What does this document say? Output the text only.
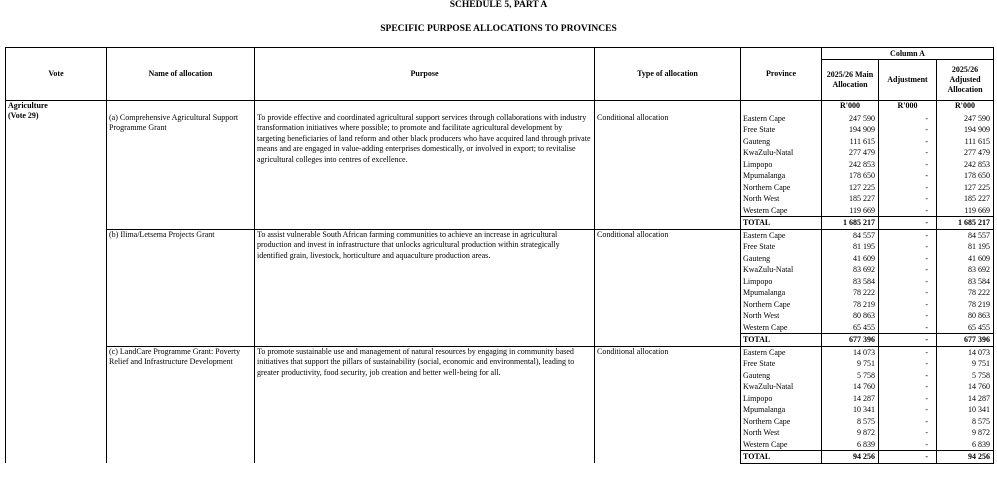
SCHEDULE 5, PART A
SPECIFIC PURPOSE ALLOCATIONS TO PROVINCES
Vote	Name of allocation	Purpose	Type of allocation	Province	Column A		
					2025/26 Main Allocation	Adjustment	2025/26 Adjusted Allocation

Agriculture
(Vote 29)					R'000	R'000	R'000
	(a) Comprehensive Agricultural Support Programme Grant	To provide effective and coordinated agricultural support services through collaborations with industry transformation initiatives where possible; to promote and facilitate agricultural development by targeting beneficiaries of land reform and other black producers who have acquired land through private means and are engaged in value-adding enterprises domestically, or involved in export; to revitalise agricultural colleges into centres of excellence.	Conditional allocation	Eastern Cape	247 590	-	247 590
				Free State	194 909	-	194 909
				Gauteng	111 615	-	111 615
				KwaZulu-Natal	277 479	-	277 479
				Limpopo	242 853	-	242 853
				Mpumalanga	178 650	-	178 650
				Northern Cape	127 225	-	127 225
				North West	185 227	-	185 227
				Western Cape	119 669	-	119 669
				TOTAL	1 685 217	-	1 685 217
	(b) Ilima/Letsema Projects Grant	To assist vulnerable South African farming communities to achieve an increase in agricultural production and invest in infrastructure that unlocks agricultural production within strategically identified grain, livestock, horticulture and aquaculture production areas.	Conditional allocation	Eastern Cape	84 557	-	84 557
				Free State	81 195	-	81 195
				Gauteng	41 609	-	41 609
				KwaZulu-Natal	83 692	-	83 692
				Limpopo	83 584	-	83 584
				Mpumalanga	78 222	-	78 222
				Northern Cape	78 219	-	78 219
				North West	80 863	-	80 863
				Western Cape	65 455	-	65 455
				TOTAL	677 396	-	677 396
	(c) LandCare Programme Grant: Poverty Relief and Infrastructure Development	To promote sustainable use and management of natural resources by engaging in community based initiatives that support the pillars of sustainability (social, economic and environmental), leading to greater productivity, food security, job creation and better well-being for all.	Conditional allocation	Eastern Cape	14 073	-	14 073
				Free State	9 751	-	9 751
				Gauteng	5 758	-	5 758
				KwaZulu-Natal	14 760	-	14 760
				Limpopo	14 287	-	14 287
				Mpumalanga	10 341	-	10 341
				Northern Cape	8 575	-	8 575
				North West	9 872	-	9 872
				Western Cape	6 839	-	6 839
				TOTAL	94 256	-	94 256
